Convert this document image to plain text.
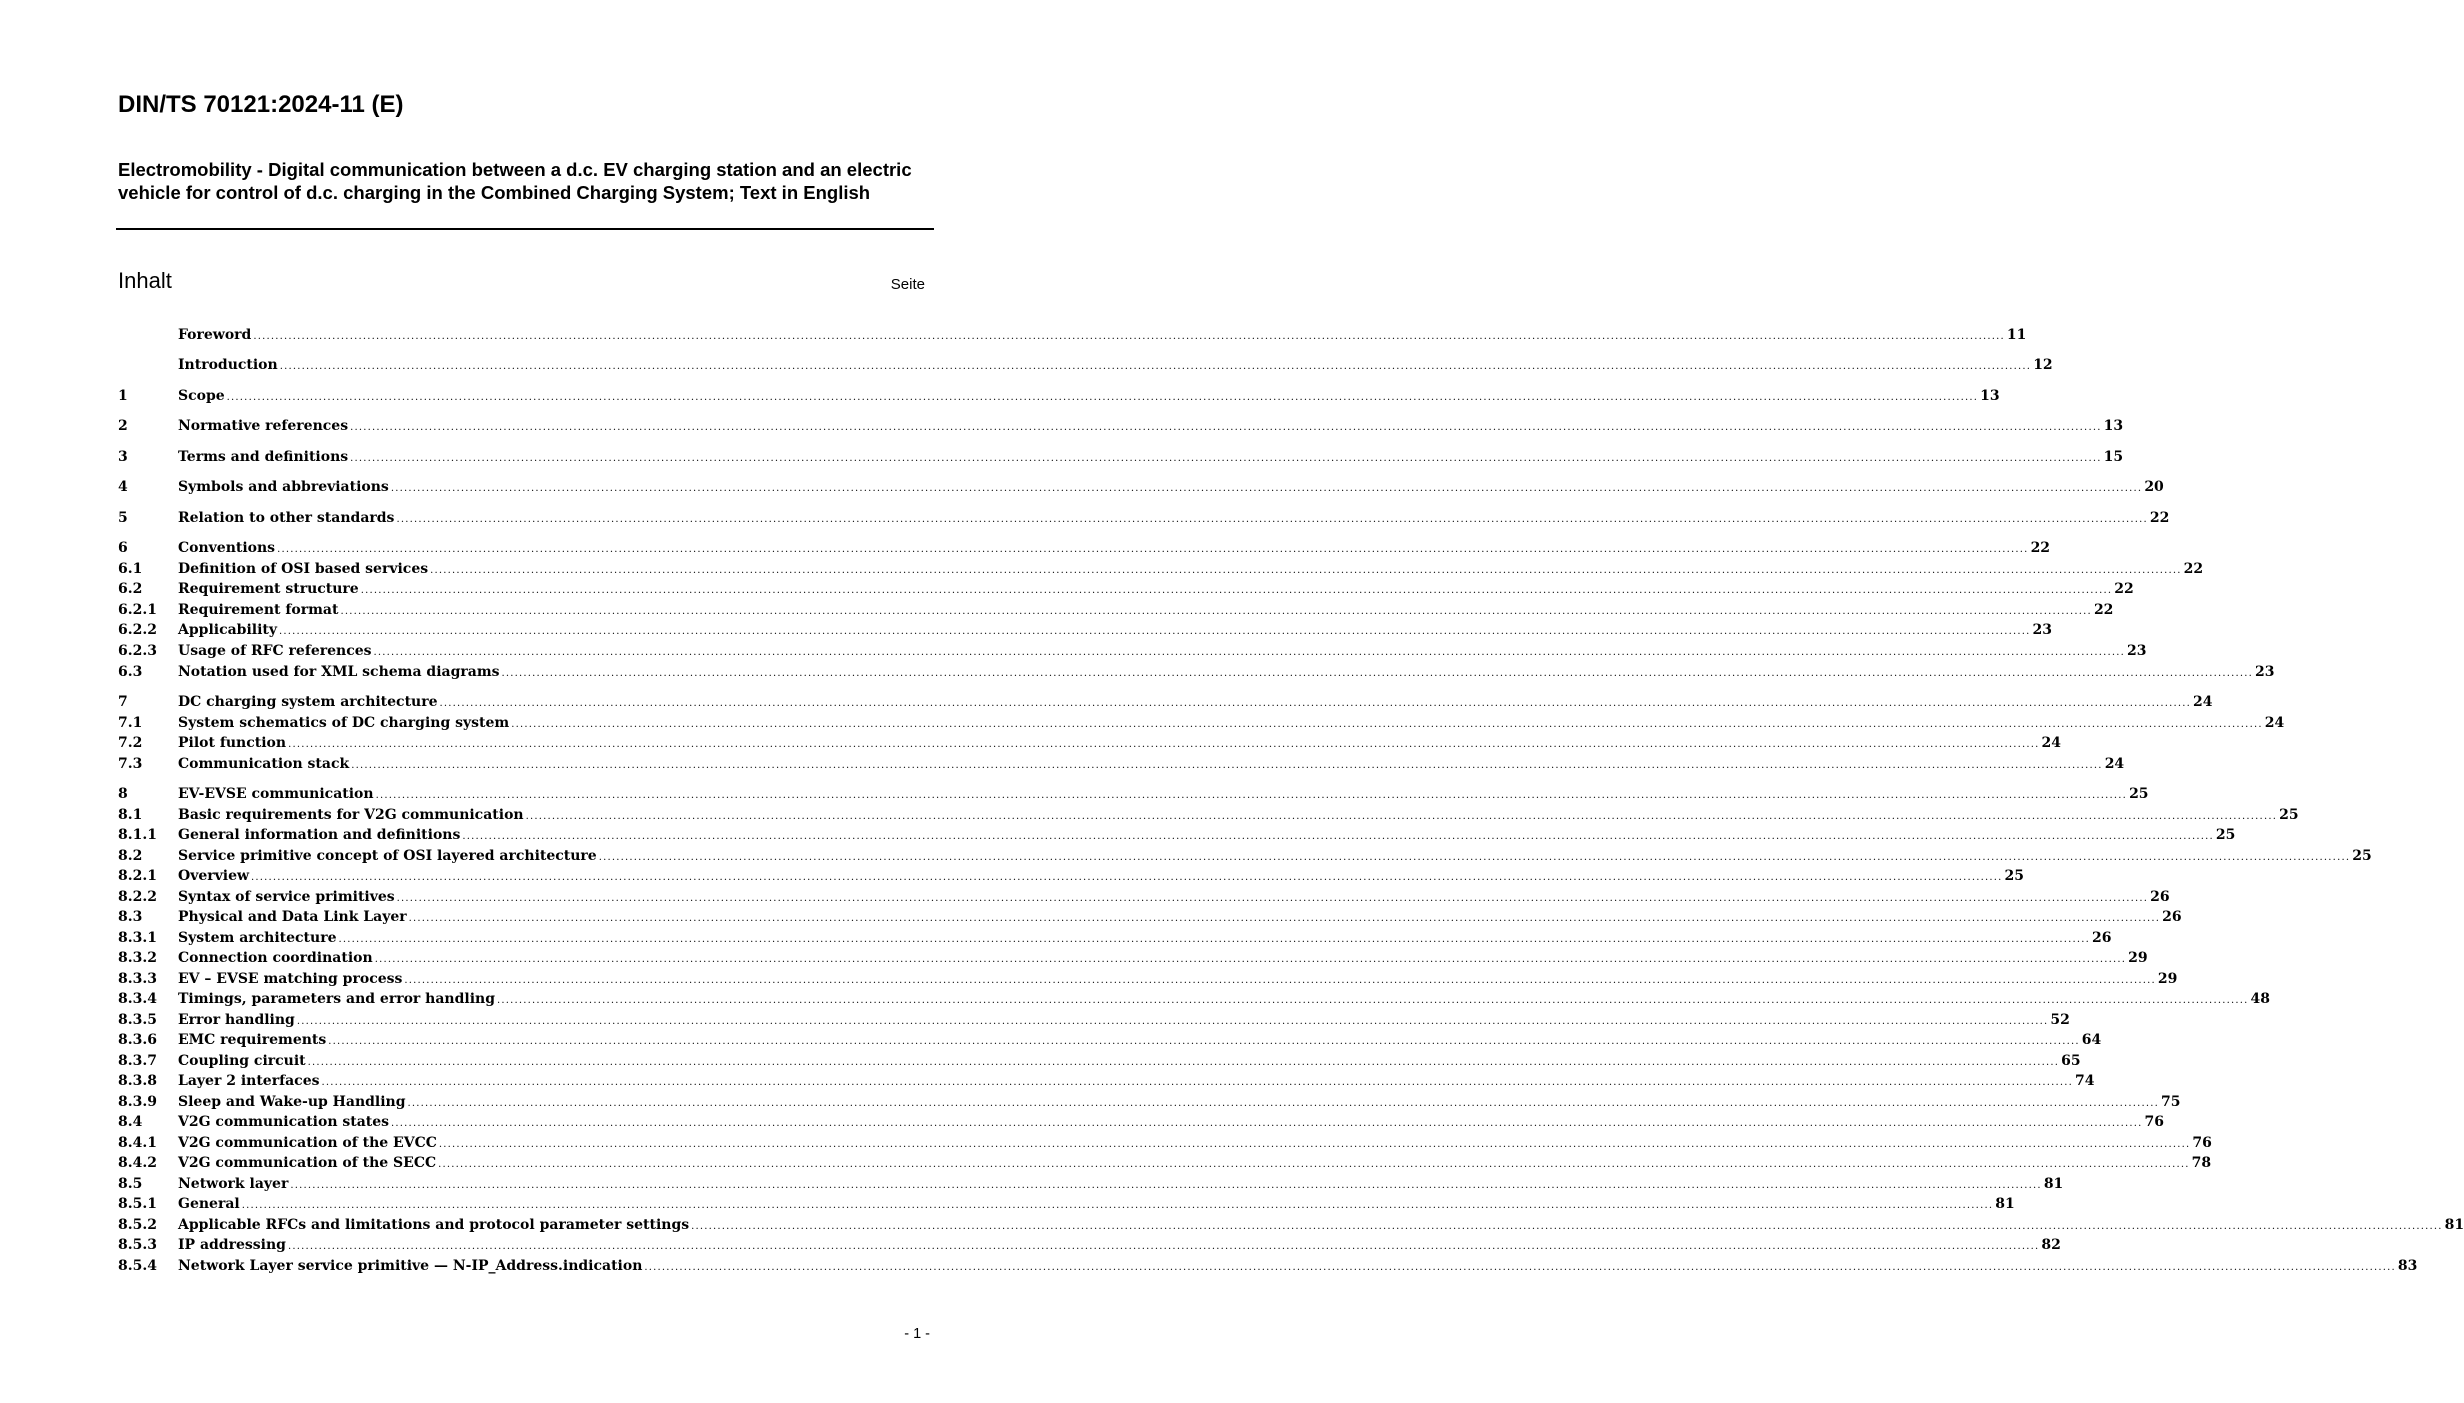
DIN/TS 70121:2024-11 (E)
Electromobility - Digital communication between a d.c. EV charging station and an electric vehicle for control of d.c. charging in the Combined Charging System; Text in English
Inhalt	Seite
Foreword ................................................................................................................................................................................................................................................................................................................................................................................................................ 11
Introduction ................................................................................................................................................................................................................................................................................................................................................................................................................ 12
1	Scope ................................................................................................................................................................................................................................................................................................................................................................................................................ 13
2	Normative references ................................................................................................................................................................................................................................................................................................................................................................................................................ 13
3	Terms and definitions ................................................................................................................................................................................................................................................................................................................................................................................................................ 15
4	Symbols and abbreviations ................................................................................................................................................................................................................................................................................................................................................................................................................ 20
5	Relation to other standards ................................................................................................................................................................................................................................................................................................................................................................................................................ 22
6	Conventions ................................................................................................................................................................................................................................................................................................................................................................................................................ 22
6.1	Definition of OSI based services ................................................................................................................................................................................................................................................................................................................................................................................................................ 22
6.2	Requirement structure ................................................................................................................................................................................................................................................................................................................................................................................................................ 22
6.2.1	Requirement format ................................................................................................................................................................................................................................................................................................................................................................................................................ 22
6.2.2	Applicability ................................................................................................................................................................................................................................................................................................................................................................................................................ 23
6.2.3	Usage of RFC references ................................................................................................................................................................................................................................................................................................................................................................................................................ 23
6.3	Notation used for XML schema diagrams ................................................................................................................................................................................................................................................................................................................................................................................................................ 23
7	DC charging system architecture ................................................................................................................................................................................................................................................................................................................................................................................................................ 24
7.1	System schematics of DC charging system ................................................................................................................................................................................................................................................................................................................................................................................................................ 24
7.2	Pilot function ................................................................................................................................................................................................................................................................................................................................................................................................................ 24
7.3	Communication stack ................................................................................................................................................................................................................................................................................................................................................................................................................ 24
8	EV-EVSE communication ................................................................................................................................................................................................................................................................................................................................................................................................................ 25
8.1	Basic requirements for V2G communication ................................................................................................................................................................................................................................................................................................................................................................................................................ 25
8.1.1	General information and definitions ................................................................................................................................................................................................................................................................................................................................................................................................................ 25
8.2	Service primitive concept of OSI layered architecture ................................................................................................................................................................................................................................................................................................................................................................................................................ 25
8.2.1	Overview ................................................................................................................................................................................................................................................................................................................................................................................................................ 25
8.2.2	Syntax of service primitives ................................................................................................................................................................................................................................................................................................................................................................................................................ 26
8.3	Physical and Data Link Layer ................................................................................................................................................................................................................................................................................................................................................................................................................ 26
8.3.1	System architecture ................................................................................................................................................................................................................................................................................................................................................................................................................ 26
8.3.2	Connection coordination ................................................................................................................................................................................................................................................................................................................................................................................................................ 29
8.3.3	EV – EVSE matching process ................................................................................................................................................................................................................................................................................................................................................................................................................ 29
8.3.4	Timings, parameters and error handling ................................................................................................................................................................................................................................................................................................................................................................................................................ 48
8.3.5	Error handling ................................................................................................................................................................................................................................................................................................................................................................................................................ 52
8.3.6	EMC requirements ................................................................................................................................................................................................................................................................................................................................................................................................................ 64
8.3.7	Coupling circuit ................................................................................................................................................................................................................................................................................................................................................................................................................ 65
8.3.8	Layer 2 interfaces ................................................................................................................................................................................................................................................................................................................................................................................................................ 74
8.3.9	Sleep and Wake-up Handling ................................................................................................................................................................................................................................................................................................................................................................................................................ 75
8.4	V2G communication states ................................................................................................................................................................................................................................................................................................................................................................................................................ 76
8.4.1	V2G communication of the EVCC ................................................................................................................................................................................................................................................................................................................................................................................................................ 76
8.4.2	V2G communication of the SECC ................................................................................................................................................................................................................................................................................................................................................................................................................ 78
8.5	Network layer ................................................................................................................................................................................................................................................................................................................................................................................................................ 81
8.5.1	General ................................................................................................................................................................................................................................................................................................................................................................................................................ 81
8.5.2	Applicable RFCs and limitations and protocol parameter settings ................................................................................................................................................................................................................................................................................................................................................................................................................ 81
8.5.3	IP addressing ................................................................................................................................................................................................................................................................................................................................................................................................................ 82
8.5.4	Network Layer service primitive — N-IP_Address.indication ................................................................................................................................................................................................................................................................................................................................................................................................................ 83
- 1 -
